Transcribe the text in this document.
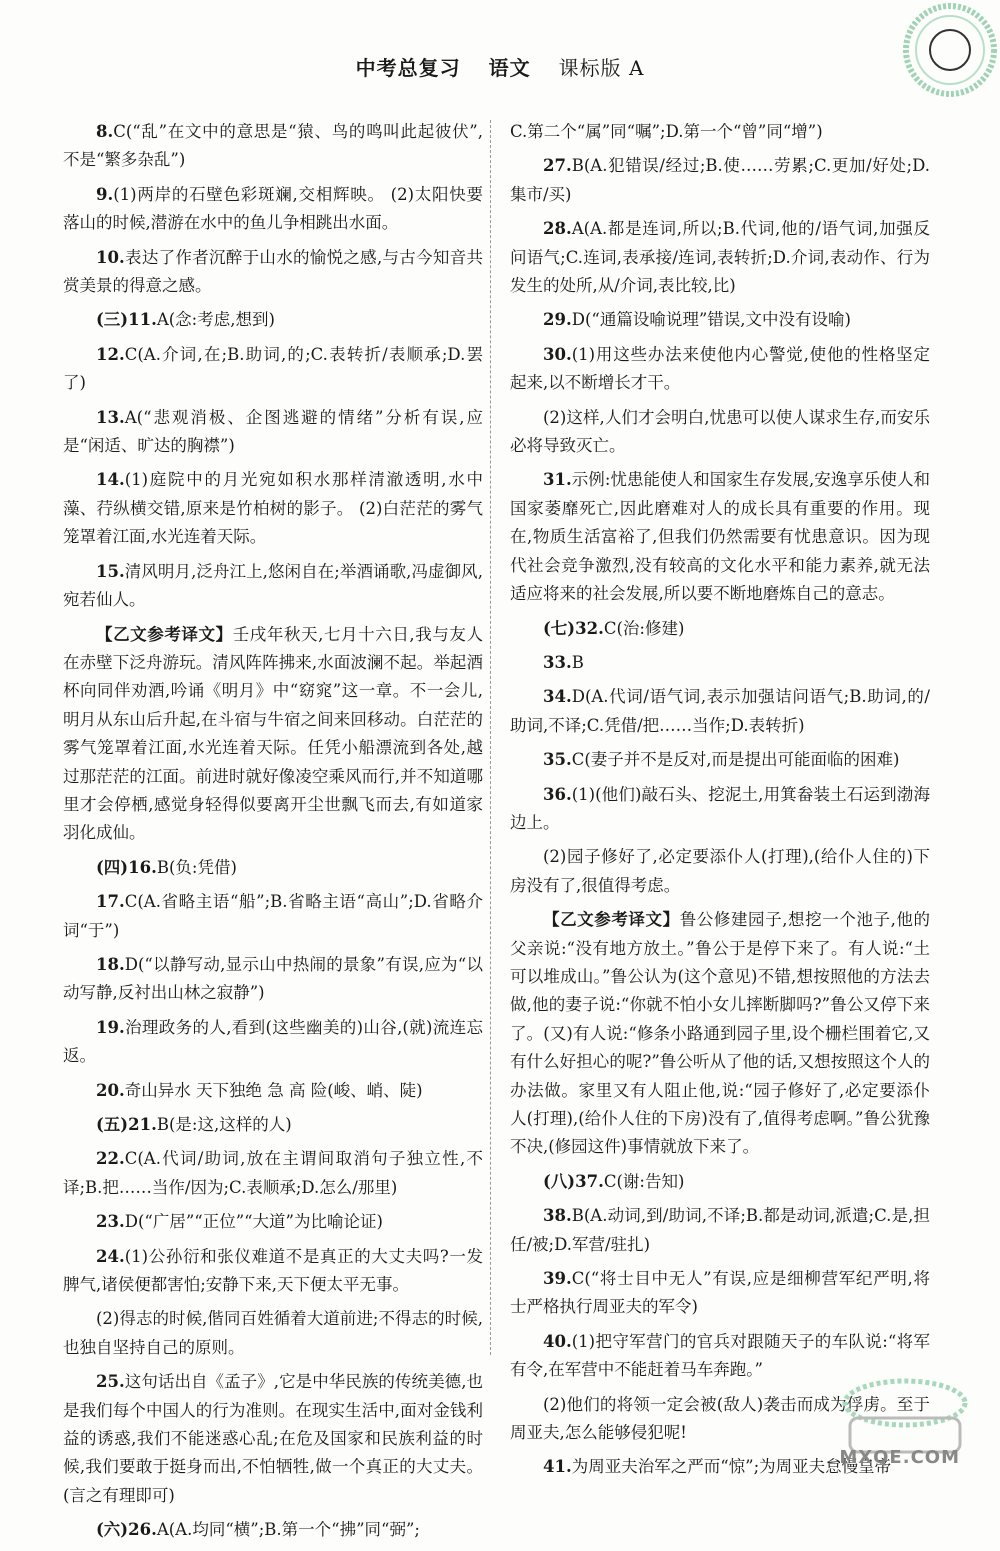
中考总复习 语文 课标版 A

8.C(“乱”在文中的意思是“猿、鸟的鸣叫此起彼伏”,不是“繁多杂乱”)

9.(1)两岸的石壁色彩斑斓,交相辉映。 (2)太阳快要落山的时候,潜游在水中的鱼儿争相跳出水面。

10.表达了作者沉醉于山水的愉悦之感,与古今知音共赏美景的得意之感。

(三)11.A(念:考虑,想到)

12.C(A.介词,在;B.助词,的;C.表转折/表顺承;D.罢了)

13.A(“悲观消极、企图逃避的情绪”分析有误,应是“闲适、旷达的胸襟”)

14.(1)庭院中的月光宛如积水那样清澈透明,水中藻、荇纵横交错,原来是竹柏树的影子。 (2)白茫茫的雾气笼罩着江面,水光连着天际。

15.清风明月,泛舟江上,悠闲自在;举酒诵歌,冯虚御风,宛若仙人。

【乙文参考译文】壬戌年秋天,七月十六日,我与友人在赤壁下泛舟游玩。清风阵阵拂来,水面波澜不起。举起酒杯向同伴劝酒,吟诵《明月》中“窈窕”这一章。不一会儿,明月从东山后升起,在斗宿与牛宿之间来回移动。白茫茫的雾气笼罩着江面,水光连着天际。任凭小船漂流到各处,越过那茫茫的江面。前进时就好像凌空乘风而行,并不知道哪里才会停栖,感觉身轻得似要离开尘世飘飞而去,有如道家羽化成仙。

(四)16.B(负:凭借)

17.C(A.省略主语“船”;B.省略主语“高山”;D.省略介词“于”)

18.D(“以静写动,显示山中热闹的景象”有误,应为“以动写静,反衬出山林之寂静”)

19.治理政务的人,看到(这些幽美的)山谷,(就)流连忘返。

20.奇山异水 天下独绝 急 高 险(峻、峭、陡)

(五)21.B(是:这,这样的人)

22.C(A.代词/助词,放在主谓间取消句子独立性,不译;B.把……当作/因为;C.表顺承;D.怎么/那里)

23.D(“广居”“正位”“大道”为比喻论证)

24.(1)公孙衍和张仪难道不是真正的大丈夫吗?一发脾气,诸侯便都害怕;安静下来,天下便太平无事。

(2)得志的时候,偕同百姓循着大道前进;不得志的时候,也独自坚持自己的原则。

25.这句话出自《孟子》,它是中华民族的传统美德,也是我们每个中国人的行为准则。在现实生活中,面对金钱利益的诱惑,我们不能迷惑心乱;在危及国家和民族利益的时候,我们要敢于挺身而出,不怕牺牲,做一个真正的大丈夫。(言之有理即可)

(六)26.A(A.均同“横”;B.第一个“拂”同“弼”;

C.第二个“属”同“嘱”;D.第一个“曾”同“增”)

27.B(A.犯错误/经过;B.使……劳累;C.更加/好处;D.集市/买)

28.A(A.都是连词,所以;B.代词,他的/语气词,加强反问语气;C.连词,表承接/连词,表转折;D.介词,表动作、行为发生的处所,从/介词,表比较,比)

29.D(“通篇设喻说理”错误,文中没有设喻)

30.(1)用这些办法来使他内心警觉,使他的性格坚定起来,以不断增长才干。

(2)这样,人们才会明白,忧患可以使人谋求生存,而安乐必将导致灭亡。

31.示例:忧患能使人和国家生存发展,安逸享乐使人和国家萎靡死亡,因此磨难对人的成长具有重要的作用。现在,物质生活富裕了,但我们仍然需要有忧患意识。因为现代社会竞争激烈,没有较高的文化水平和能力素养,就无法适应将来的社会发展,所以要不断地磨炼自己的意志。

(七)32.C(治:修建)

33.B

34.D(A.代词/语气词,表示加强诘问语气;B.助词,的/助词,不译;C.凭借/把……当作;D.表转折)

35.C(妻子并不是反对,而是提出可能面临的困难)

36.(1)(他们)敲石头、挖泥土,用箕畚装土石运到渤海边上。

(2)园子修好了,必定要添仆人(打理),(给仆人住的)下房没有了,很值得考虑。

【乙文参考译文】鲁公修建园子,想挖一个池子,他的父亲说:“没有地方放土。”鲁公于是停下来了。有人说:“土可以堆成山。”鲁公认为(这个意见)不错,想按照他的方法去做,他的妻子说:“你就不怕小女儿摔断脚吗?”鲁公又停下来了。(又)有人说:“修条小路通到园子里,设个栅栏围着它,又有什么好担心的呢?”鲁公听从了他的话,又想按照这个人的办法做。家里又有人阻止他,说:“园子修好了,必定要添仆人(打理),(给仆人住的下房)没有了,值得考虑啊。”鲁公犹豫不决,(修园这件)事情就放下来了。

(八)37.C(谢:告知)

38.B(A.动词,到/助词,不译;B.都是动词,派遣;C.是,担任/被;D.军营/驻扎)

39.C(“将士目中无人”有误,应是细柳营军纪严明,将士严格执行周亚夫的军令)

40.(1)把守军营门的官兵对跟随天子的车队说:“将军有令,在军营中不能赶着马车奔跑。”

(2)他们的将领一定会被(敌人)袭击而成为俘虏。至于周亚夫,怎么能够侵犯呢!

41.为周亚夫治军之严而“惊”;为周亚夫怠慢皇帝

MXQE.COM
